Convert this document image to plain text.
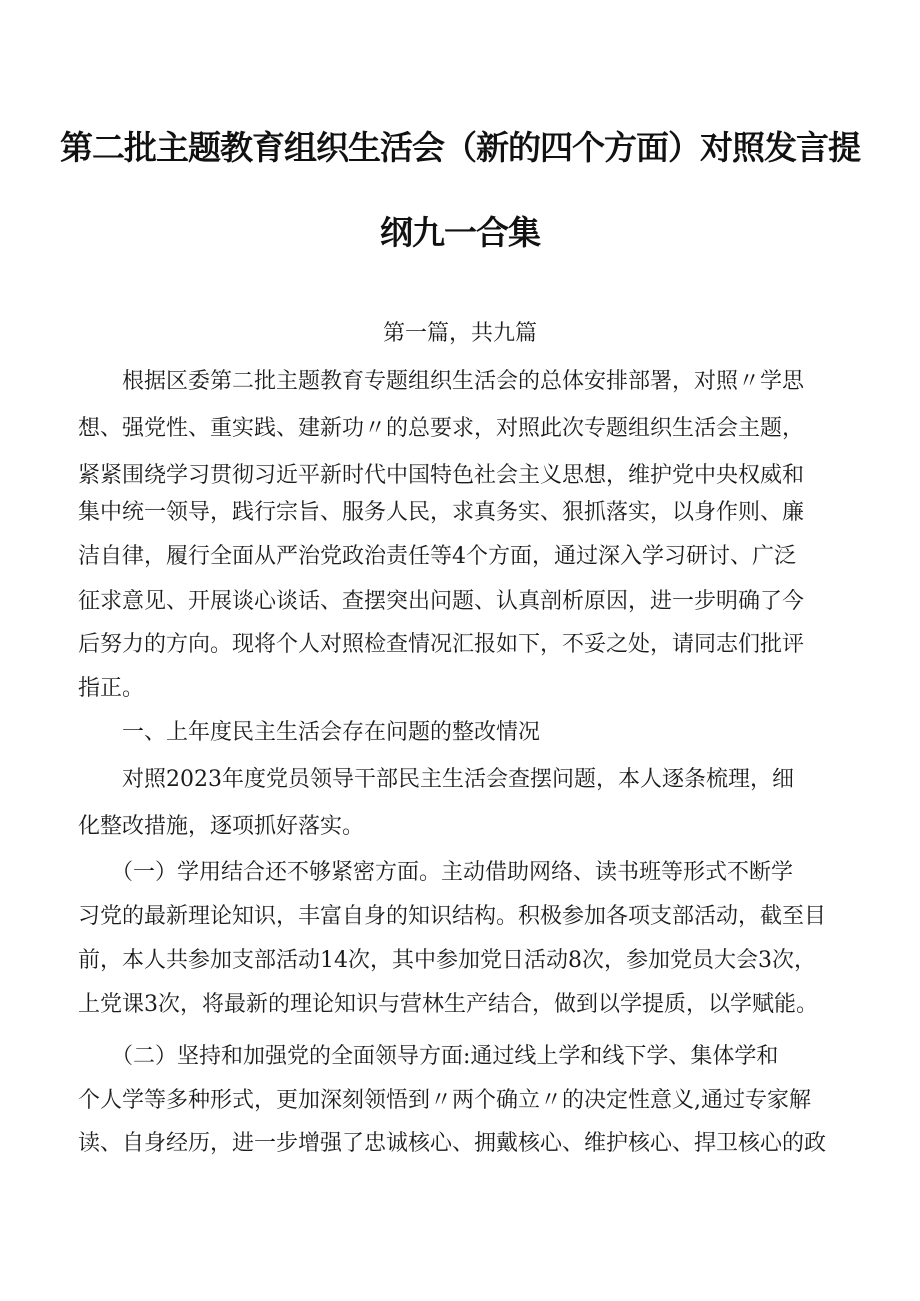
第二批主题教育组织生活会（新的四个方面）对照发言提
纲九一合集
第一篇，共九篇
　　根据区委第二批主题教育专题组织生活会的总体安排部署，对照〃学思
想、强党性、重实践、建新功〃的总要求，对照此次专题组织生活会主题，
紧紧围绕学习贯彻习近平新时代中国特色社会主义思想，维护党中央权威和
集中统一领导，践行宗旨、服务人民，求真务实、狠抓落实，以身作则、廉
洁自律，履行全面从严治党政治责任等4个方面，通过深入学习研讨、广泛
征求意见、开展谈心谈话、查摆突出问题、认真剖析原因，进一步明确了今
后努力的方向。现将个人对照检查情况汇报如下，不妥之处，请同志们批评
指正。
　　一、上年度民主生活会存在问题的整改情况
　　对照2023年度党员领导干部民主生活会查摆问题，本人逐条梳理，细
化整改措施，逐项抓好落实。
　　（一）学用结合还不够紧密方面。主动借助网络、读书班等形式不断学
习党的最新理论知识，丰富自身的知识结构。积极参加各项支部活动，截至目
前，本人共参加支部活动14次，其中参加党日活动8次，参加党员大会3次，
上党课3次，将最新的理论知识与营林生产结合，做到以学提质，以学赋能。
　　（二）坚持和加强党的全面领导方面:通过线上学和线下学、集体学和
个人学等多种形式，更加深刻领悟到〃两个确立〃的决定性意义,通过专家解
读、自身经历，进一步增强了忠诚核心、拥戴核心、维护核心、捍卫核心的政
